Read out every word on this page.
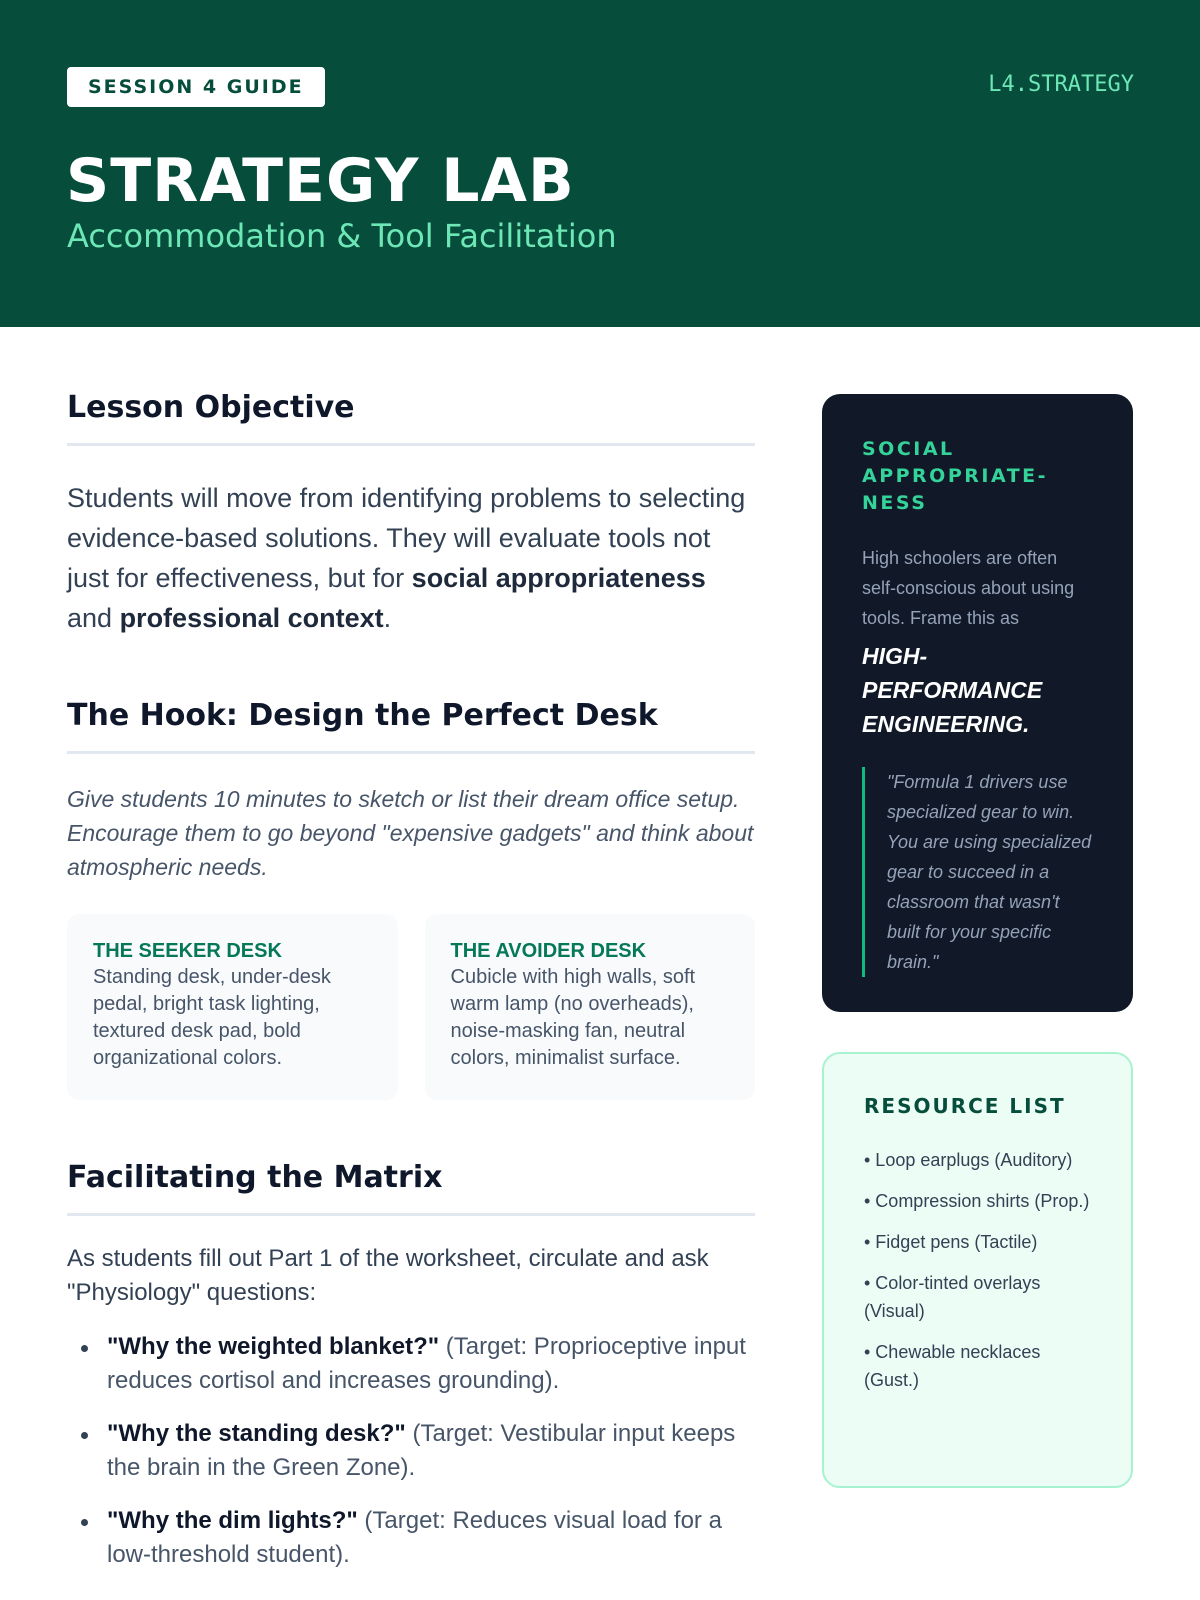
SESSION 4 GUIDE	L4.STRATEGY
STRATEGY LAB
Accommodation & Tool Facilitation
Lesson Objective

Students will move from identifying problems to selecting evidence-based solutions. They will evaluate tools not just for effectiveness, but for social appropriateness and professional context.

The Hook: Design the Perfect Desk

Give students 10 minutes to sketch or list their dream office setup. Encourage them to go beyond "expensive gadgets" and think about atmospheric needs.

THE SEEKER DESK
Standing desk, under-desk pedal, bright task lighting, textured desk pad, bold organizational colors.
THE AVOIDER DESK
Cubicle with high walls, soft warm lamp (no overheads), noise-masking fan, neutral colors, minimalist surface.
Facilitating the Matrix

As students fill out Part 1 of the worksheet, circulate and ask "Physiology" questions:

"Why the weighted blanket?" (Target: Proprioceptive input reduces cortisol and increases grounding).
"Why the standing desk?" (Target: Vestibular input keeps the brain in the Green Zone).
"Why the dim lights?" (Target: Reduces visual load for a low-threshold student).
SOCIAL APPROPRIATE-NESS

High schoolers are often self-conscious about using tools. Frame this as

HIGH-PERFORMANCE ENGINEERING.

"Formula 1 drivers use specialized gear to win. You are using specialized gear to succeed in a classroom that wasn't built for your specific brain."

RESOURCE LIST
• Loop earplugs (Auditory)
• Compression shirts (Prop.)
• Fidget pens (Tactile)
• Color-tinted overlays (Visual)
• Chewable necklaces (Gust.)
